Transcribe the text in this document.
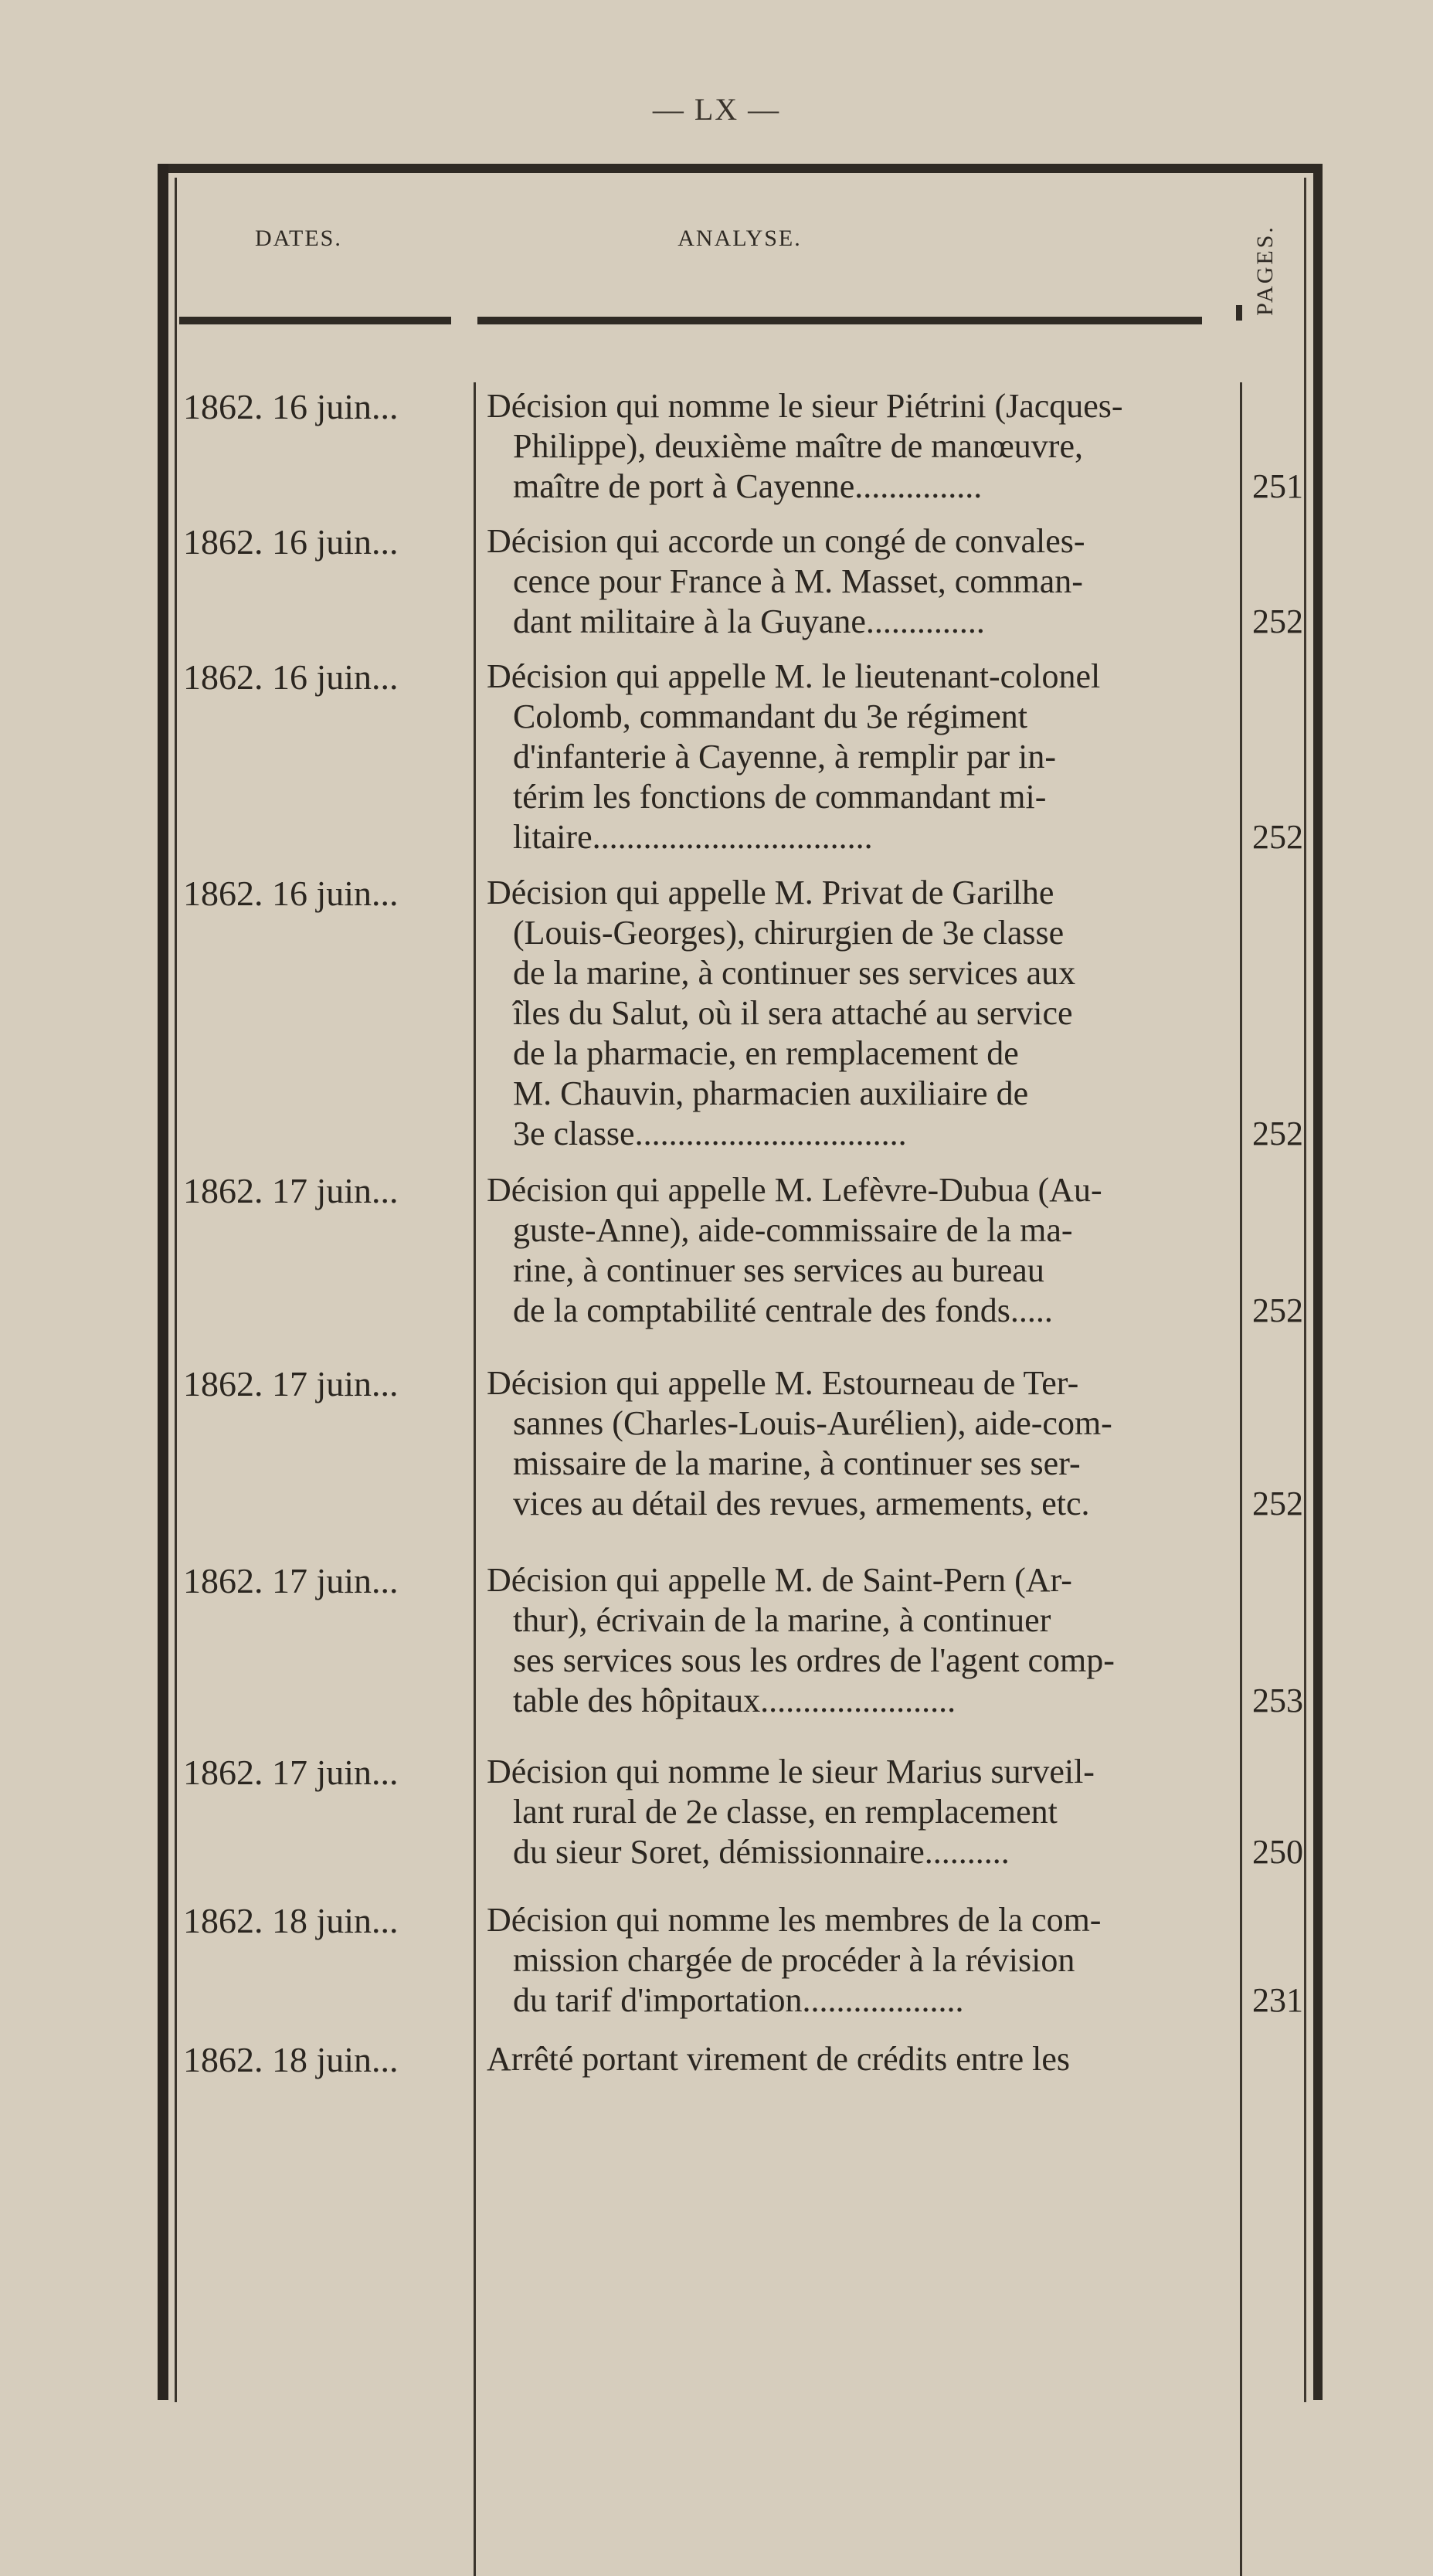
— LX —
DATES.	ANALYSE.	PAGES.
1862. 16 juin...	Décision qui nomme le sieur Piétrini (Jacques-
Philippe), deuxième maître de manœuvre,
maître de port à Cayenne...............	251
1862. 16 juin...	Décision qui accorde un congé de convales-
cence pour France à M. Masset, comman-
dant militaire à la Guyane..............	252
1862. 16 juin...	Décision qui appelle M. le lieutenant-colonel
Colomb, commandant du 3e régiment
d'infanterie à Cayenne, à remplir par in-
térim les fonctions de commandant mi-
litaire.................................	252
1862. 16 juin...	Décision qui appelle M. Privat de Garilhe
(Louis-Georges), chirurgien de 3e classe
de la marine, à continuer ses services aux
îles du Salut, où il sera attaché au service
de la pharmacie, en remplacement de
M. Chauvin, pharmacien auxiliaire de
3e classe................................	252
1862. 17 juin...	Décision qui appelle M. Lefèvre-Dubua (Au-
guste-Anne), aide-commissaire de la ma-
rine, à continuer ses services au bureau
de la comptabilité centrale des fonds.....	252
1862. 17 juin...	Décision qui appelle M. Estourneau de Ter-
sannes (Charles-Louis-Aurélien), aide-com-
missaire de la marine, à continuer ses ser-
vices au détail des revues, armements, etc.	252
1862. 17 juin...	Décision qui appelle M. de Saint-Pern (Ar-
thur), écrivain de la marine, à continuer
ses services sous les ordres de l'agent comp-
table des hôpitaux.......................	253
1862. 17 juin...	Décision qui nomme le sieur Marius surveil-
lant rural de 2e classe, en remplacement
du sieur Soret, démissionnaire..........	250
1862. 18 juin...	Décision qui nomme les membres de la com-
mission chargée de procéder à la révision
du tarif d'importation...................	231
1862. 18 juin...	Arrêté portant virement de crédits entre les
